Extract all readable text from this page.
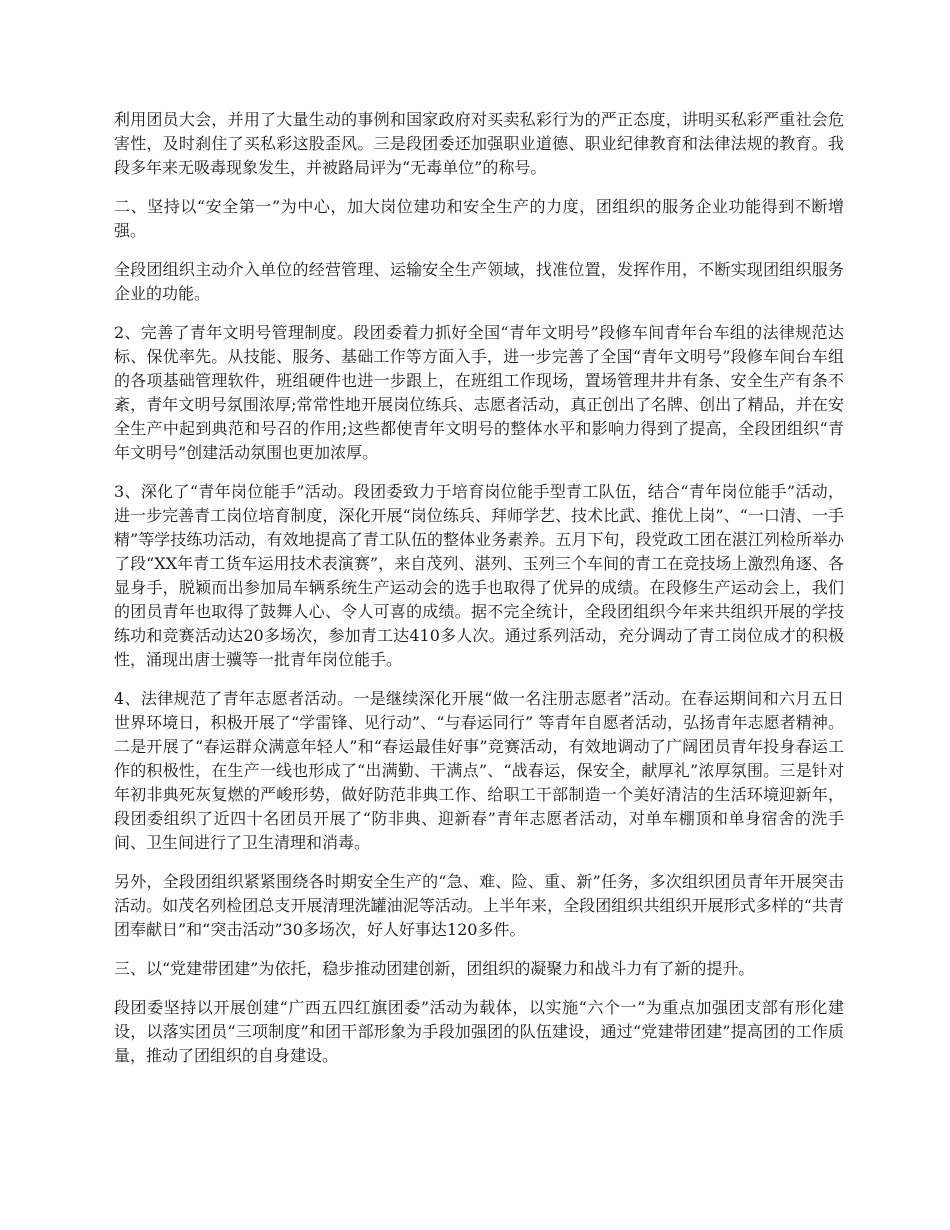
利用团员大会，并用了大量生动的事例和国家政府对买卖私彩行为的严正态度，讲明买私彩严重社会危害性，及时刹住了买私彩这股歪风。三是段团委还加强职业道德、职业纪律教育和法律法规的教育。我段多年来无吸毒现象发生，并被路局评为“无毒单位”的称号。

二、坚持以“安全第一”为中心，加大岗位建功和安全生产的力度，团组织的服务企业功能得到不断增强。

全段团组织主动介入单位的经营管理、运输安全生产领域，找准位置，发挥作用，不断实现团组织服务企业的功能。

2、完善了青年文明号管理制度。段团委着力抓好全国“青年文明号”段修车间青年台车组的法律规范达标、保优率先。从技能、服务、基础工作等方面入手，进一步完善了全国“青年文明号”段修车间台车组的各项基础管理软件，班组硬件也进一步跟上，在班组工作现场，置场管理井井有条、安全生产有条不紊，青年文明号氛围浓厚;常常性地开展岗位练兵、志愿者活动，真正创出了名牌、创出了精品，并在安全生产中起到典范和号召的作用;这些都使青年文明号的整体水平和影响力得到了提高，全段团组织“青年文明号”创建活动氛围也更加浓厚。

3、深化了“青年岗位能手”活动。段团委致力于培育岗位能手型青工队伍，结合“青年岗位能手”活动，进一步完善青工岗位培育制度，深化开展“岗位练兵、拜师学艺、技术比武、推优上岗”、“一口清、一手精”等学技练功活动，有效地提高了青工队伍的整体业务素养。五月下旬，段党政工团在湛江列检所举办了段“XX年青工货车运用技术表演赛”，来自茂列、湛列、玉列三个车间的青工在竞技场上激烈角逐、各显身手，脱颖而出参加局车辆系统生产运动会的选手也取得了优异的成绩。在段修生产运动会上，我们的团员青年也取得了鼓舞人心、令人可喜的成绩。据不完全统计，全段团组织今年来共组织开展的学技练功和竞赛活动达20多场次，参加青工达410多人次。通过系列活动，充分调动了青工岗位成才的积极性，涌现出唐士骥等一批青年岗位能手。

4、法律规范了青年志愿者活动。一是继续深化开展“做一名注册志愿者”活动。在春运期间和六月五日世界环境日，积极开展了“学雷锋、见行动”、“与春运同行” 等青年自愿者活动，弘扬青年志愿者精神。二是开展了“春运群众满意年轻人”和“春运最佳好事”竞赛活动，有效地调动了广阔团员青年投身春运工作的积极性，在生产一线也形成了“出满勤、干满点”、“战春运，保安全，献厚礼”浓厚氛围。三是针对年初非典死灰复燃的严峻形势，做好防范非典工作、给职工干部制造一个美好清洁的生活环境迎新年，段团委组织了近四十名团员开展了“防非典、迎新春”青年志愿者活动，对单车棚顶和单身宿舍的洗手间、卫生间进行了卫生清理和消毒。

另外，全段团组织紧紧围绕各时期安全生产的“急、难、险、重、新”任务，多次组织团员青年开展突击活动。如茂名列检团总支开展清理洗罐油泥等活动。上半年来，全段团组织共组织开展形式多样的“共青团奉献日”和“突击活动”30多场次，好人好事达120多件。

三、以“党建带团建”为依托，稳步推动团建创新，团组织的凝聚力和战斗力有了新的提升。

段团委坚持以开展创建“广西五四红旗团委”活动为载体，以实施“六个一”为重点加强团支部有形化建设，以落实团员“三项制度”和团干部形象为手段加强团的队伍建设，通过“党建带团建”提高团的工作质量，推动了团组织的自身建设。
